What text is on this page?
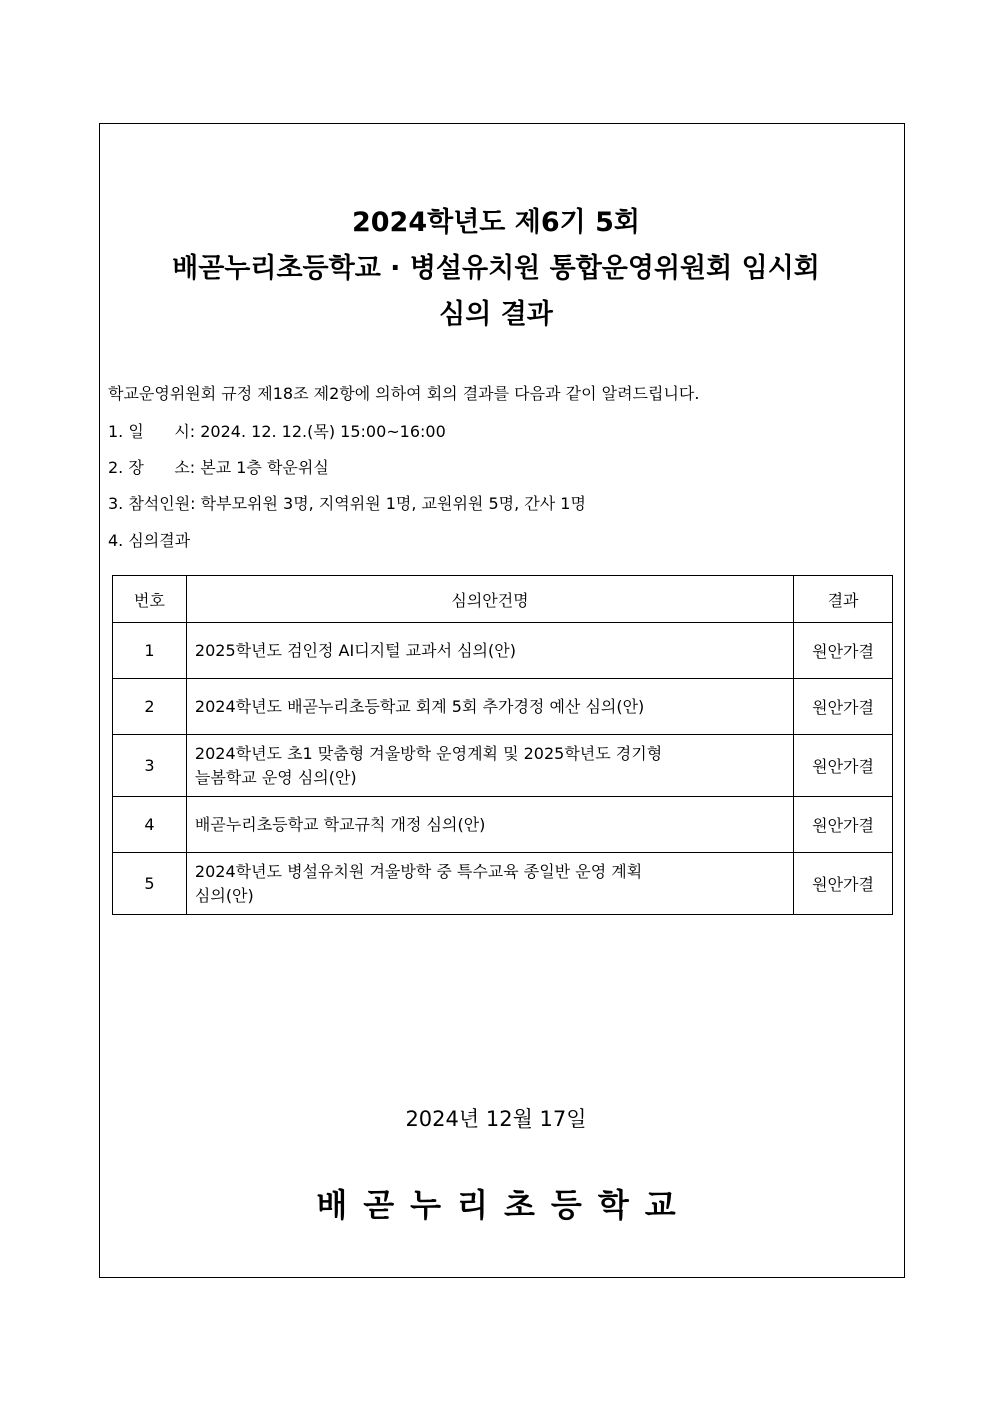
2024학년도 제6기 5회
배곧누리초등학교 · 병설유치원 통합운영위원회 임시회
심의 결과
학교운영위원회 규정 제18조 제2항에 의하여 회의 결과를 다음과 같이 알려드립니다.
1. 일      시: 2024. 12. 12.(목) 15:00~16:00
2. 장      소: 본교 1층 학운위실
3. 참석인원: 학부모위원 3명, 지역위원 1명, 교원위원 5명, 간사 1명
4. 심의결과
번호	심의안건명	결과
1	2025학년도 검인정 AI디지털 교과서 심의(안)	원안가결
2	2024학년도 배곧누리초등학교 회계 5회 추가경정 예산 심의(안)	원안가결
3	2024학년도 초1 맞춤형 겨울방학 운영계획 및 2025학년도 경기형
늘봄학교 운영 심의(안)	원안가결
4	배곧누리초등학교 학교규칙 개정 심의(안)	원안가결
5	2024학년도 병설유치원 겨울방학 중 특수교육 종일반 운영 계획
심의(안)	원안가결
2024년 12월 17일
배곧누리초등학교
